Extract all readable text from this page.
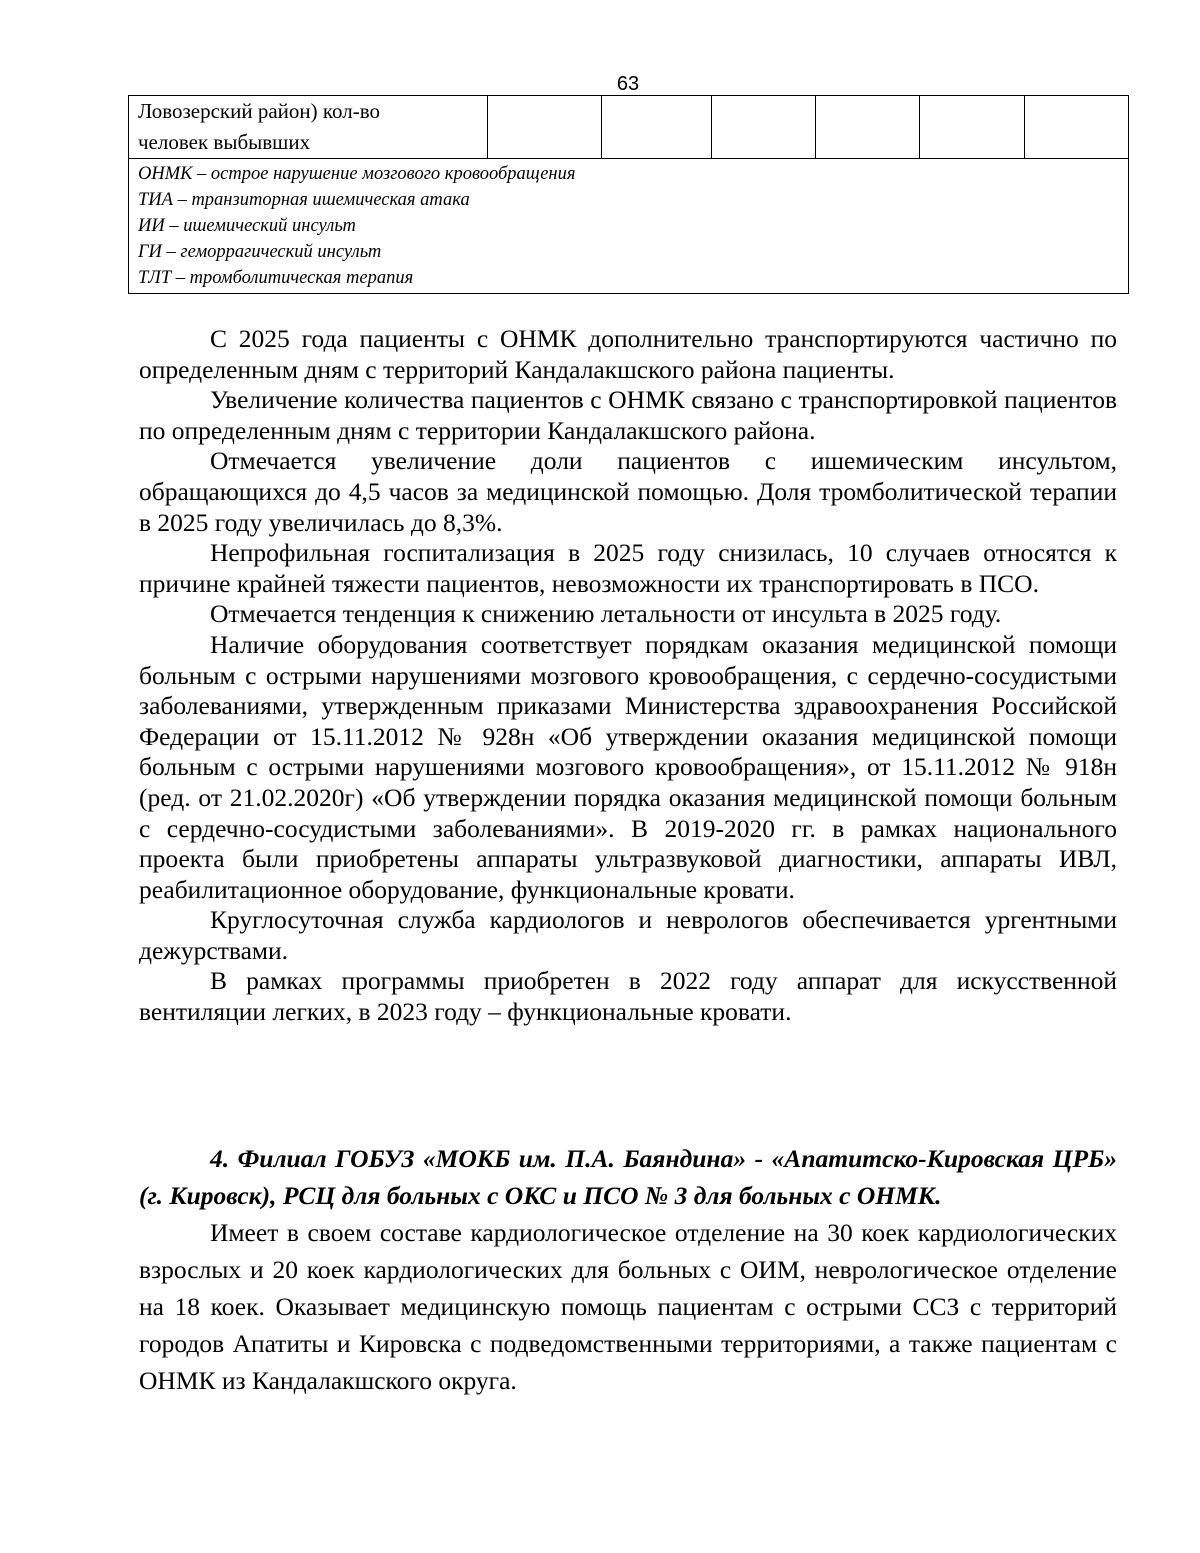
63
Ловозерский район) кол-во
человек выбывших

ОНМК – острое нарушение мозгового кровообращения
ТИА – транзиторная ишемическая атака
ИИ – ишемический инсульт
ГИ – геморрагический инсульт
ТЛТ – тромболитическая терапия

С 2025 года пациенты с ОНМК дополнительно транспортируются частично по определенным дням с территорий Кандалакшского района пациенты.

Увеличение количества пациентов с ОНМК связано с транспортировкой пациентов по определенным дням с территории Кандалакшского района.

Отмечается увеличение доли пациентов с ишемическим инсультом, обращающихся до 4,5 часов за медицинской помощью. Доля тромболитической терапии в 2025 году увеличилась до 8,3%.

Непрофильная госпитализация в 2025 году снизилась, 10 случаев относятся к причине крайней тяжести пациентов, невозможности их транспортировать в ПСО.

Отмечается тенденция к снижению летальности от инсульта в 2025 году.

Наличие оборудования соответствует порядкам оказания медицинской помощи больным с острыми нарушениями мозгового кровообращения, с сердечно-сосудистыми заболеваниями, утвержденным приказами Министерства здравоохранения Российской Федерации от 15.11.2012 № 928н «Об утверждении оказания медицинской помощи больным с острыми нарушениями мозгового кровообращения», от 15.11.2012 № 918н (ред. от 21.02.2020г) «Об утверждении порядка оказания медицинской помощи больным с сердечно-сосудистыми заболеваниями». В 2019-2020 гг. в рамках национального проекта были приобретены аппараты ультразвуковой диагностики, аппараты ИВЛ, реабилитационное оборудование, функциональные кровати.

Круглосуточная служба кардиологов и неврологов обеспечивается ургентными дежурствами.

В рамках программы приобретен в 2022 году аппарат для искусственной вентиляции легких, в 2023 году – функциональные кровати.

4. Филиал ГОБУЗ «МОКБ им. П.А. Баяндина» - «Апатитско-Кировская ЦРБ» (г. Кировск), РСЦ для больных с ОКС и ПСО № 3 для больных с ОНМК.

Имеет в своем составе кардиологическое отделение на 30 коек кардиологических взрослых и 20 коек кардиологических для больных с ОИМ, неврологическое отделение на 18 коек. Оказывает медицинскую помощь пациентам с острыми ССЗ с территорий городов Апатиты и Кировска с подведомственными территориями, а также пациентам с ОНМК из Кандалакшского округа.
